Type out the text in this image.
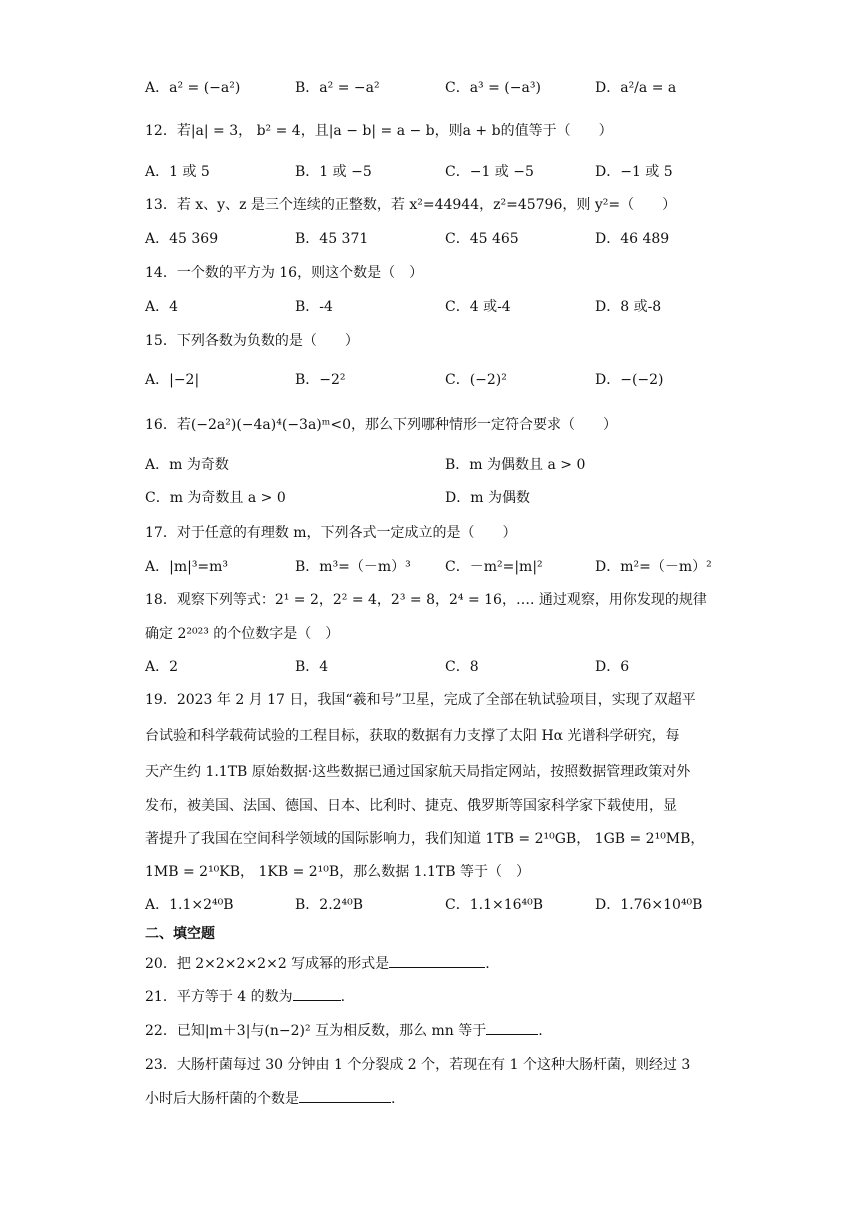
A．a² = (−a²)	B．a² = −a²	C．a³ = (−a³)	D．a²/a = a
12．若|a| = 3， b² = 4，且|a − b| = a − b，则a + b的值等于（　　）
A．1 或 5	B．1 或 −5	C．−1 或 −5	D．−1 或 5
13．若 x、y、z 是三个连续的正整数，若 x²=44944，z²=45796，则 y²=（　　）
A．45 369	B．45 371	C．45 465	D．46 489
14．一个数的平方为 16，则这个数是（　）
A．4	B．-4	C．4 或-4	D．8 或-8
15．下列各数为负数的是（　　）
A．|−2|	B．−2²	C．(−2)²	D．−(−2)
16．若(−2a²)(−4a)⁴(−3a)ᵐ<0，那么下列哪种情形一定符合要求（　　）
A．m 为奇数	B．m 为偶数且 a > 0
C．m 为奇数且 a > 0	D．m 为偶数
17．对于任意的有理数 m，下列各式一定成立的是（　　）
A．|m|³=m³	B．m³=（－m）³ C．－m²=|m|²	D．m²=（－m）²
18．观察下列等式：2¹ = 2，2² = 4，2³ = 8，2⁴ = 16，…. 通过观察，用你发现的规律
确定 2²⁰²³ 的个位数字是（　）
A．2	B．4	C．8	D．6
19．2023 年 2 月 17 日，我国“羲和号”卫星，完成了全部在轨试验项目，实现了双超平
台试验和科学载荷试验的工程目标，获取的数据有力支撑了太阳 Hα 光谱科学研究，每
天产生约 1.1TB 原始数据·这些数据已通过国家航天局指定网站，按照数据管理政策对外
发布，被美国、法国、德国、日本、比利时、捷克、俄罗斯等国家科学家下载使用，显
著提升了我国在空间科学领域的国际影响力，我们知道 1TB = 2¹⁰GB， 1GB = 2¹⁰MB，
1MB = 2¹⁰KB， 1KB = 2¹⁰B，那么数据 1.1TB 等于（　）
A．1.1×2⁴⁰B	B．2.2⁴⁰B	C．1.1×16⁴⁰B	D．1.76×10⁴⁰B
二、填空题
20．把 2×2×2×2×2 写成幂的形式是	.
21．平方等于 4 的数为	.
22．已知|m＋3|与(n−2)² 互为相反数，那么 mn 等于	.
23．大肠杆菌每过 30 分钟由 1 个分裂成 2 个，若现在有 1 个这种大肠杆菌，则经过 3
小时后大肠杆菌的个数是	.
